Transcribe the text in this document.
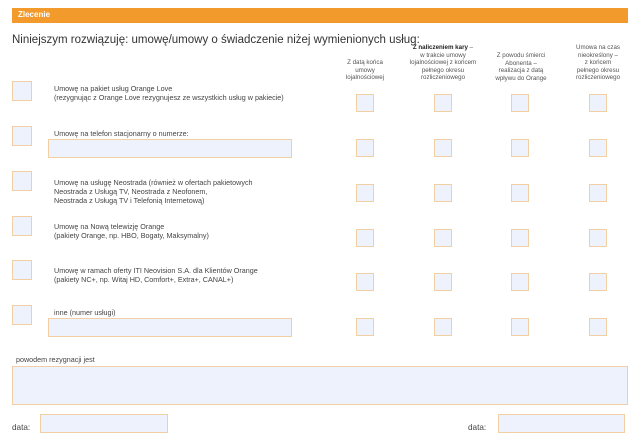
Zlecenie
Niniejszym rozwiązuję: umowę/umowy o świadczenie niżej wymienionych usług:
Z datą końca
umowy
lojalnościowej
Z naliczeniem kary –
w trakcie umowy
lojalnościowej z końcem
pełnego okresu
rozliczeniowego
Z powodu śmierci
Abonenta –
realizacja z datą
wpływu do Orange
Umowa na czas
nieokreślony –
z końcem
pełnego okresu
rozliczeniowego
Umowę na pakiet usług Orange Love
(rezygnując z Orange Love rezygnujesz ze wszystkich usług w pakiecie)
Umowę na telefon stacjonarny o numerze:
Umowę na usługę Neostrada (również w ofertach pakietowych
Neostrada z Usługą TV, Neostrada z Neofonem,
Neostrada z Usługą TV i Telefonią Internetową)
Umowę na Nową telewizję Orange
(pakiety Orange, np. HBO, Bogaty, Maksymalny)
Umowę w ramach oferty ITI Neovision S.A. dla Klientów Orange
(pakiety NC+, np. Witaj HD, Comfort+, Extra+, CANAL+)
inne (numer usługi)
powodem rezygnacji jest
data:	data:
